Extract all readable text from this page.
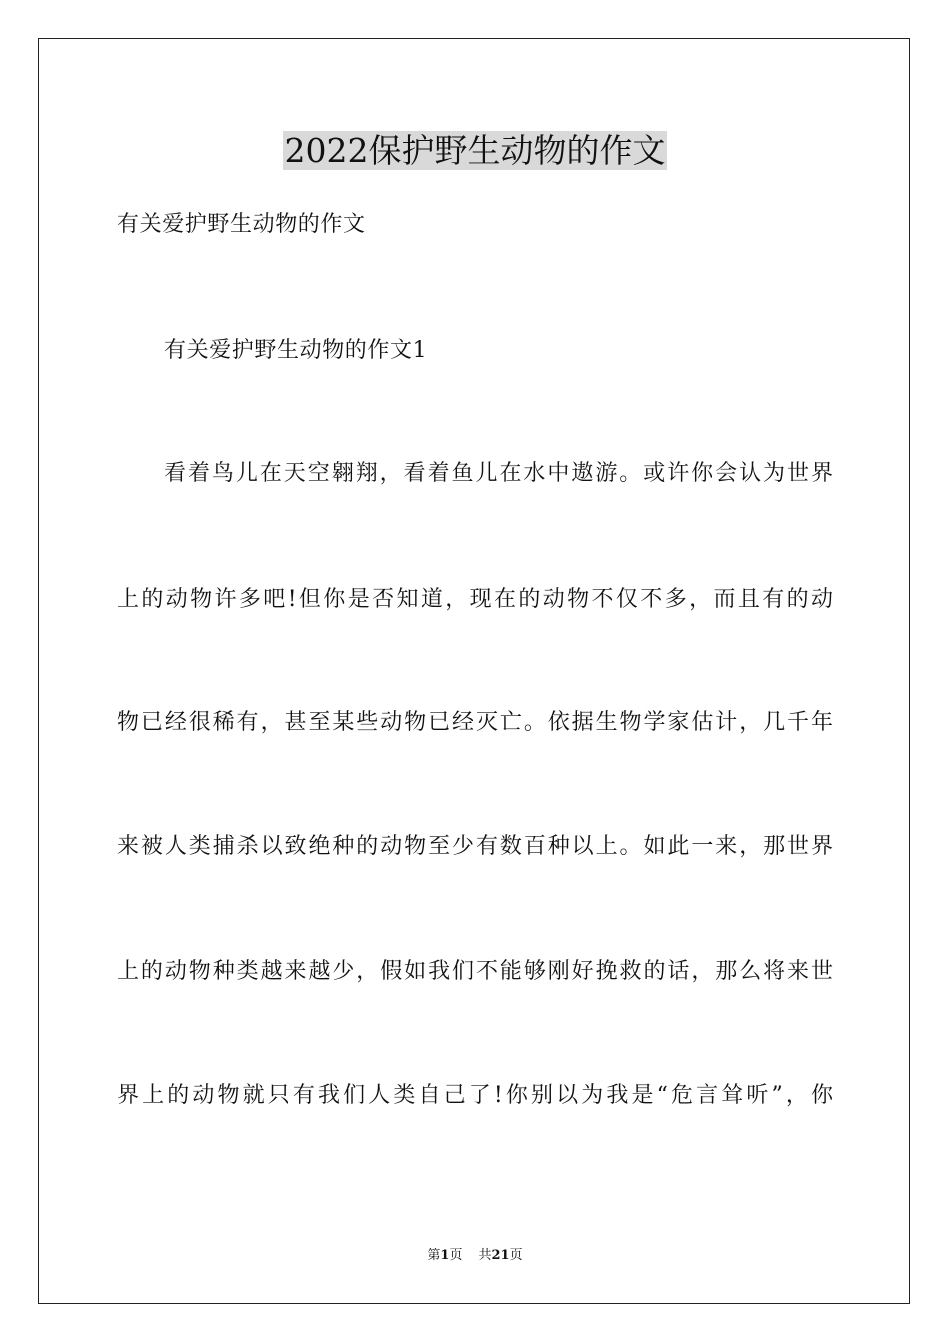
2022保护野生动物的作文
有关爱护野生动物的作文
有关爱护野生动物的作文1
看着鸟儿在天空翱翔，看着鱼儿在水中遨游。或许你会认为世界
上的动物许多吧!但你是否知道，现在的动物不仅不多，而且有的动
物已经很稀有，甚至某些动物已经灭亡。依据生物学家估计，几千年
来被人类捕杀以致绝种的动物至少有数百种以上。如此一来，那世界
上的动物种类越来越少，假如我们不能够刚好挽救的话，那么将来世
界上的动物就只有我们人类自己了!你别以为我是“危言耸听”，你
第1页 共21页
